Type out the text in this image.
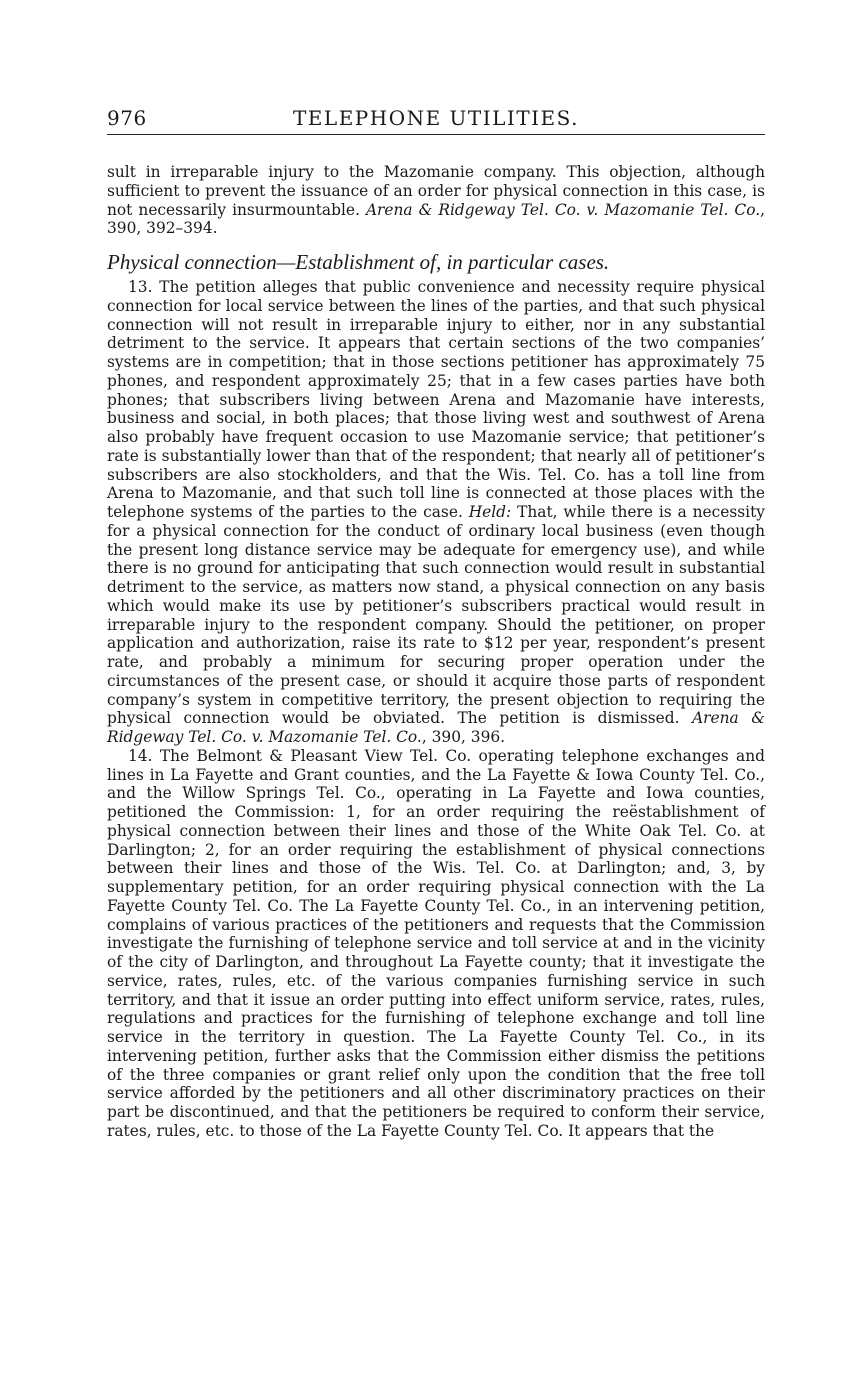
976	TELEPHONE UTILITIES.

sult in irreparable injury to the Mazomanie company. This objection, although sufficient to prevent the issuance of an order for physical connection in this case, is not necessarily insurmountable. Arena & Ridgeway Tel. Co. v. Mazomanie Tel. Co., 390, 392–394.

Physical connection—Establishment of, in particular cases.

13. The petition alleges that public convenience and necessity require physical connection for local service between the lines of the parties, and that such physical connection will not result in irreparable injury to either, nor in any substantial detriment to the service. It appears that certain sections of the two companies’ systems are in competition; that in those sections petitioner has approximately 75 phones, and respondent approximately 25; that in a few cases parties have both phones; that subscribers living between Arena and Mazomanie have interests, business and social, in both places; that those living west and southwest of Arena also probably have frequent occasion to use Mazomanie service; that petitioner’s rate is substantially lower than that of the respondent; that nearly all of petitioner’s subscribers are also stockholders, and that the Wis. Tel. Co. has a toll line from Arena to Mazomanie, and that such toll line is connected at those places with the telephone systems of the parties to the case. Held: That, while there is a necessity for a physical connection for the conduct of ordinary local business (even though the present long distance service may be adequate for emergency use), and while there is no ground for anticipating that such connection would result in substantial detriment to the service, as matters now stand, a physical connection on any basis which would make its use by petitioner’s subscribers practical would result in irreparable injury to the respondent company. Should the petitioner, on proper application and authorization, raise its rate to $12 per year, respondent’s present rate, and probably a minimum for securing proper operation under the circumstances of the present case, or should it acquire those parts of respondent company’s system in competitive territory, the present objection to requiring the physical connection would be obviated. The petition is dismissed. Arena & Ridgeway Tel. Co. v. Mazomanie Tel. Co., 390, 396.

14. The Belmont & Pleasant View Tel. Co. operating telephone exchanges and lines in La Fayette and Grant counties, and the La Fayette & Iowa County Tel. Co., and the Willow Springs Tel. Co., operating in La Fayette and Iowa counties, petitioned the Commission: 1, for an order requiring the reëstablishment of physical connection between their lines and those of the White Oak Tel. Co. at Darlington; 2, for an order requiring the establishment of physical connections between their lines and those of the Wis. Tel. Co. at Darlington; and, 3, by supplementary petition, for an order requiring physical connection with the La Fayette County Tel. Co. The La Fayette County Tel. Co., in an intervening petition, complains of various practices of the petitioners and requests that the Commission investigate the furnishing of telephone service and toll service at and in the vicinity of the city of Darlington, and throughout La Fayette county; that it investigate the service, rates, rules, etc. of the various companies furnishing service in such territory, and that it issue an order putting into effect uniform service, rates, rules, regulations and practices for the furnishing of telephone exchange and toll line service in the territory in question. The La Fayette County Tel. Co., in its intervening petition, further asks that the Commission either dismiss the petitions of the three companies or grant relief only upon the condition that the free toll service afforded by the petitioners and all other discriminatory practices on their part be discontinued, and that the petitioners be required to conform their service, rates, rules, etc. to those of the La Fayette County Tel. Co. It appears that the
